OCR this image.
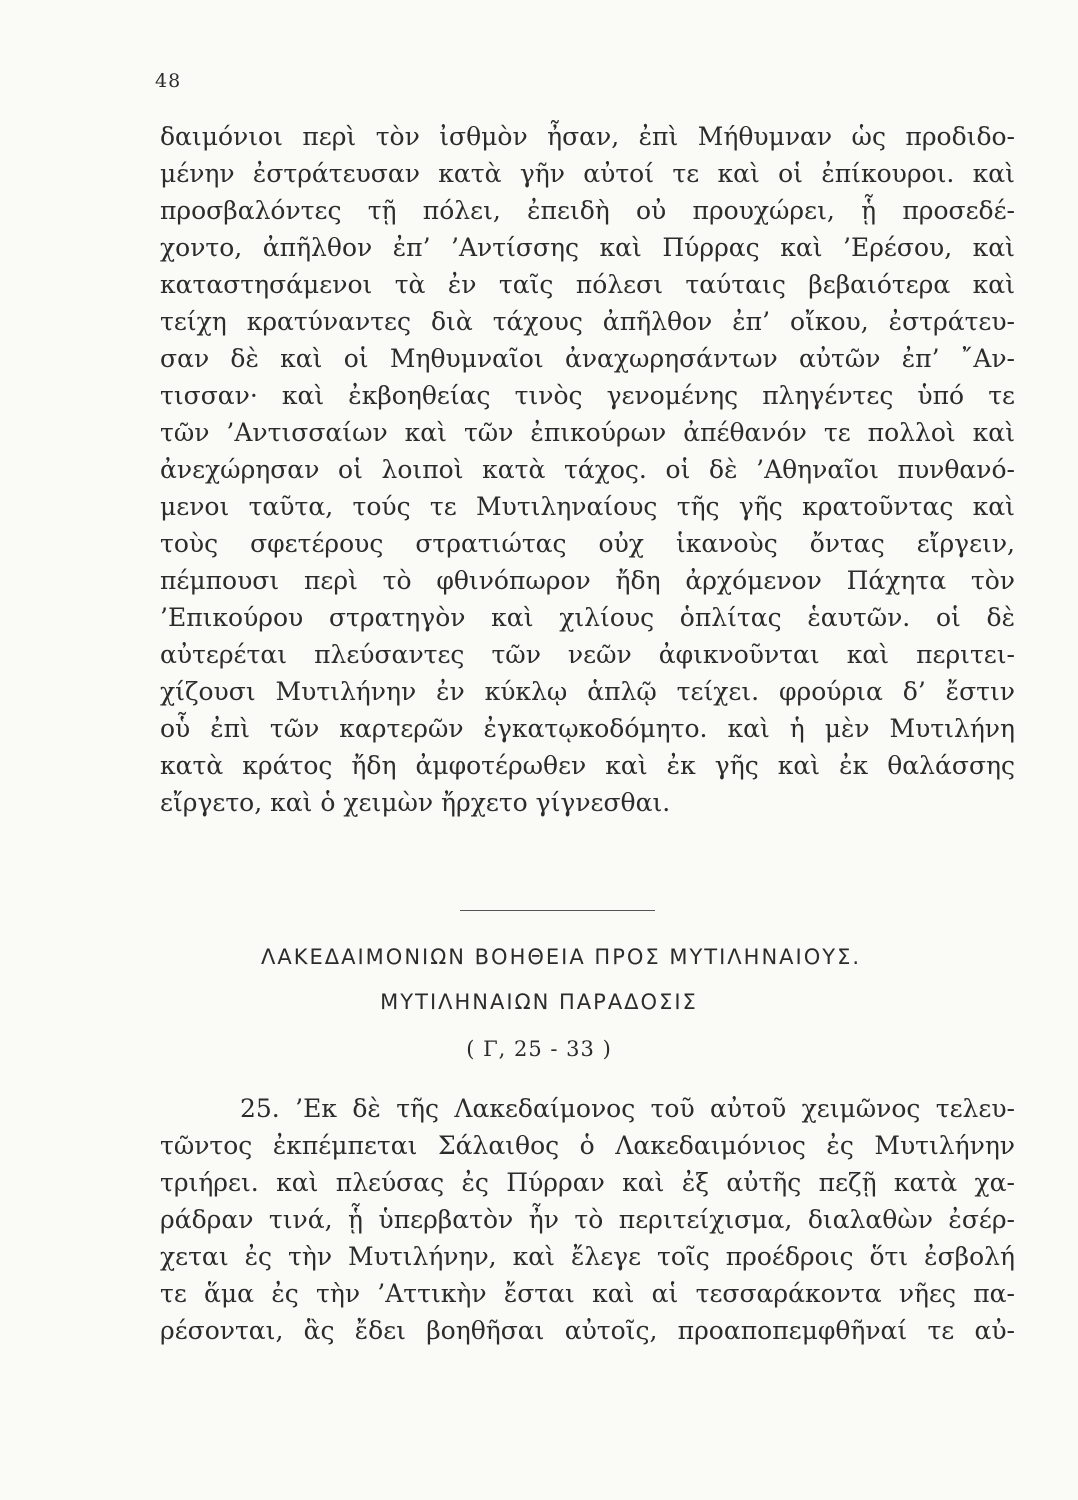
48
δαιμόνιοι περὶ τὸν ἰσθμὸν ἦσαν, ἐπὶ Μήθυμναν ὡς προδιδο-
μένην ἐστράτευσαν κατὰ γῆν αὐτοί τε καὶ οἱ ἐπίκουροι. καὶ
προσβαλόντες τῇ πόλει, ἐπειδὴ οὐ προυχώρει, ᾗ προσεδέ-
χοντο, ἀπῆλθον ἐπ’ ’Αντίσσης καὶ Πύρρας καὶ ’Ερέσου, καὶ
καταστησάμενοι τὰ ἐν ταῖς πόλεσι ταύταις βεβαιότερα καὶ
τείχη κρατύναντες διὰ τάχους ἀπῆλθον ἐπ’ οἴκου, ἐστράτευ-
σαν δὲ καὶ οἱ Μηθυμναῖοι ἀναχωρησάντων αὐτῶν ἐπ’ ῎Αν-
τισσαν· καὶ ἐκβοηθείας τινὸς γενομένης πληγέντες ὑπό τε
τῶν ’Αντισσαίων καὶ τῶν ἐπικούρων ἀπέθανόν τε πολλοὶ καὶ
ἀνεχώρησαν οἱ λοιποὶ κατὰ τάχος. οἱ δὲ ’Αθηναῖοι πυνθανό-
μενοι ταῦτα, τούς τε Μυτιληναίους τῆς γῆς κρατοῦντας καὶ
τοὺς σφετέρους στρατιώτας οὐχ ἱκανοὺς ὄντας εἴργειν,
πέμπουσι περὶ τὸ φθινόπωρον ἤδη ἀρχόμενον Πάχητα τὸν
’Επικούρου στρατηγὸν καὶ χιλίους ὁπλίτας ἑαυτῶν. οἱ δὲ
αὐτερέται πλεύσαντες τῶν νεῶν ἀφικνοῦνται καὶ περιτει-
χίζουσι Μυτιλήνην ἐν κύκλῳ ἁπλῷ τείχει. φρούρια δ’ ἔστιν
οὗ ἐπὶ τῶν καρτερῶν ἐγκατῳκοδόμητο. καὶ ἡ μὲν Μυτιλήνη
κατὰ κράτος ἤδη ἀμφοτέρωθεν καὶ ἐκ γῆς καὶ ἐκ θαλάσσης
εἴργετο, καὶ ὁ χειμὼν ἤρχετο γίγνεσθαι.
ΛΑΚΕΔΑΙΜΟΝΙΩΝ ΒΟΗΘΕΙΑ ΠΡΟΣ ΜΥΤΙΛΗΝΑΙΟΥΣ.
ΜΥΤΙΛΗΝΑΙΩΝ ΠΑΡΑΔΟΣΙΣ
( Γ, 25 - 33 )
25. ’Εκ δὲ τῆς Λακεδαίμονος τοῦ αὐτοῦ χειμῶνος τελευ-
τῶντος ἐκπέμπεται Σάλαιθος ὁ Λακεδαιμόνιος ἐς Μυτιλήνην
τριήρει. καὶ πλεύσας ἐς Πύρραν καὶ ἐξ αὐτῆς πεζῇ κατὰ χα-
ράδραν τινά, ᾗ ὑπερβατὸν ἦν τὸ περιτείχισμα, διαλαθὼν ἐσέρ-
χεται ἐς τὴν Μυτιλήνην, καὶ ἔλεγε τοῖς προέδροις ὅτι ἐσβολή
τε ἅμα ἐς τὴν ’Αττικὴν ἔσται καὶ αἱ τεσσαράκοντα νῆες πα-
ρέσονται, ἃς ἔδει βοηθῆσαι αὐτοῖς, προαποπεμφθῆναί τε αὐ-
